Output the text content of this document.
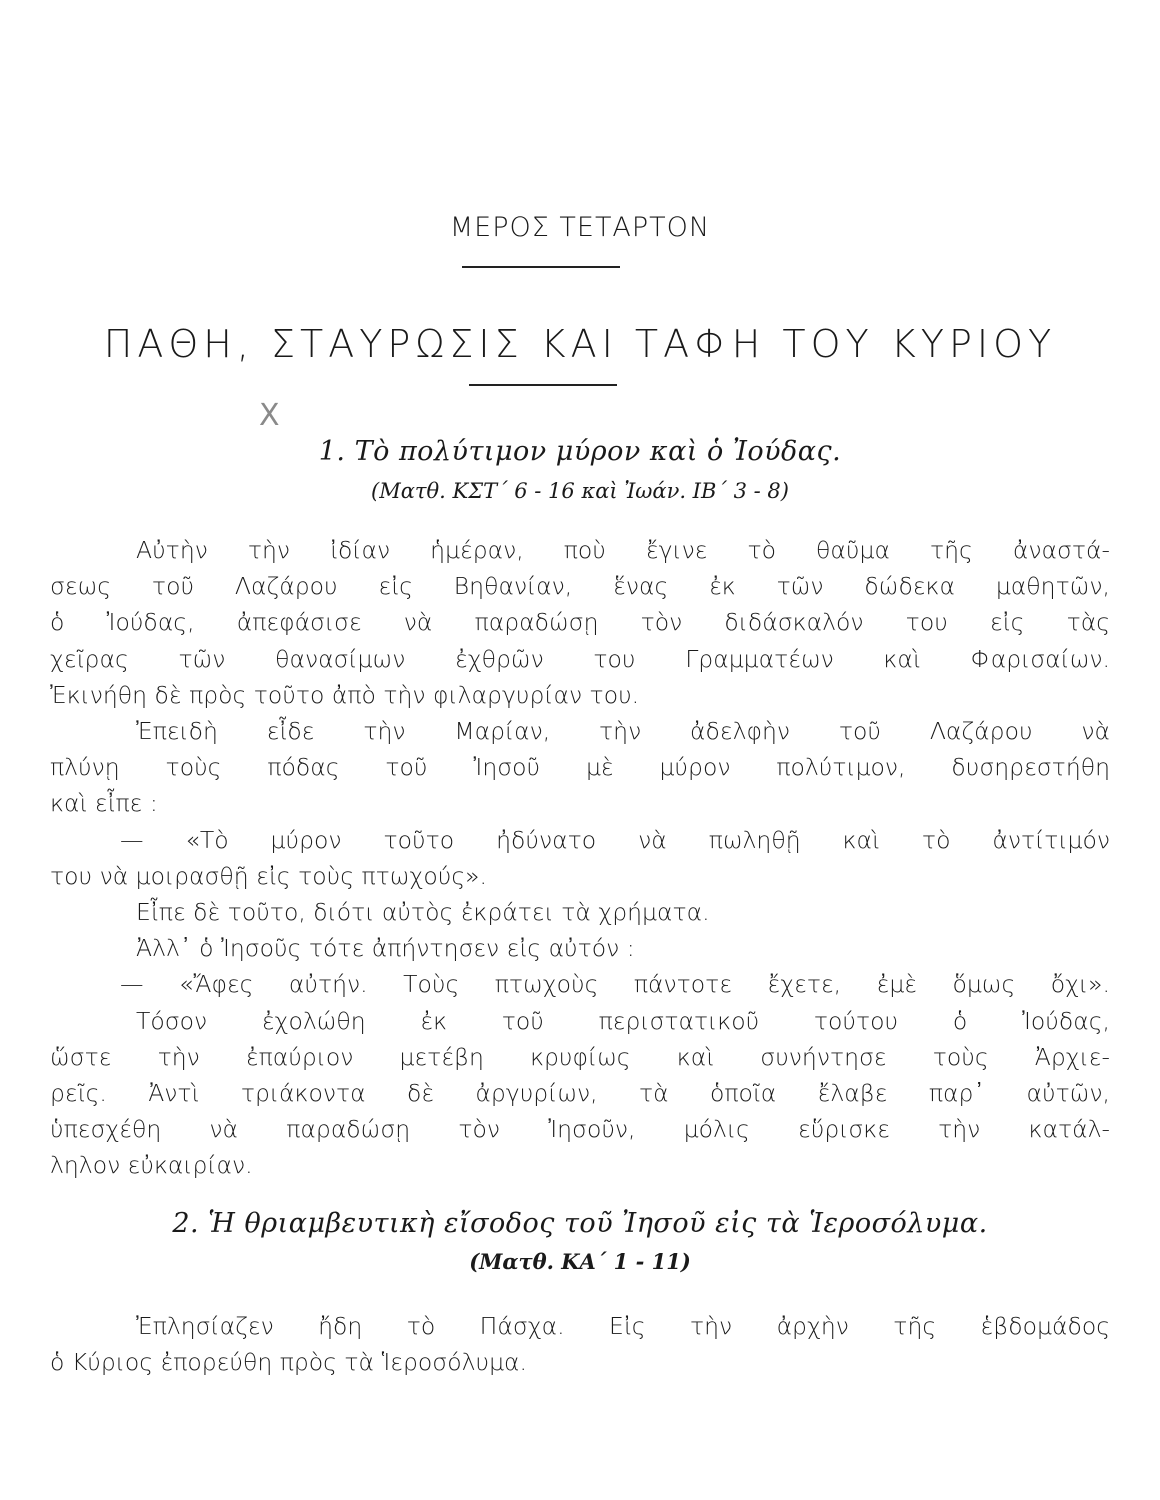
ΜΕΡΟΣ ΤΕΤΑΡΤΟΝ
ΠΑΘΗ, ΣΤΑΥΡΩΣΙΣ ΚΑΙ ΤΑΦΗ ΤΟΥ ΚΥΡΙΟΥ
X
1. Τὸ πολύτιμον μύρον καὶ ὁ Ἰούδας.
(Ματθ. ΚΣΤ΄ 6 - 16 καὶ Ἰωάν. ΙΒ΄ 3 - 8)

Αὐτὴν τὴν ἰδίαν ἡμέραν, ποὺ ἔγινε τὸ θαῦμα τῆς ἀναστά-

σεως τοῦ Λαζάρου εἰς Βηθανίαν, ἕνας ἐκ τῶν δώδεκα μαθητῶν,

ὁ Ἰούδας, ἀπεφάσισε νὰ παραδώσῃ τὸν διδάσκαλόν του εἰς τὰς

χεῖρας τῶν θανασίμων ἐχθρῶν του Γραμματέων καὶ Φαρισαίων.

Ἐκινήθη δὲ πρὸς τοῦτο ἀπὸ τὴν φιλαργυρίαν του.

Ἐπειδὴ εἶδε τὴν Μαρίαν, τὴν ἀδελφὴν τοῦ Λαζάρου νὰ

πλύνῃ τοὺς πόδας τοῦ Ἰησοῦ μὲ μύρον πολύτιμον, δυσηρεστήθη

καὶ εἶπε :

— «Τὸ μύρον τοῦτο ἠδύνατο νὰ πωληθῇ καὶ τὸ ἀντίτιμόν

του νὰ μοιρασθῇ εἰς τοὺς πτωχούς».

Εἶπε δὲ τοῦτο, διότι αὐτὸς ἐκράτει τὰ χρήματα.

Ἀλλ᾽ ὁ Ἰησοῦς τότε ἀπήντησεν εἰς αὐτόν :

— «Ἄφες αὐτήν. Τοὺς πτωχοὺς πάντοτε ἔχετε, ἐμὲ ὅμως ὄχι».

Τόσον ἐχολώθη ἐκ τοῦ περιστατικοῦ τούτου ὁ Ἰούδας,

ὥστε τὴν ἐπαύριον μετέβη κρυφίως καὶ συνήντησε τοὺς Ἀρχιε-

ρεῖς. Ἀντὶ τριάκοντα δὲ ἀργυρίων, τὰ ὁποῖα ἔλαβε παρ᾽ αὐτῶν,

ὑπεσχέθη νὰ παραδώσῃ τὸν Ἰησοῦν, μόλις εὕρισκε τὴν κατάλ-

ληλον εὐκαιρίαν.

2. Ἡ θριαμβευτικὴ εἴσοδος τοῦ Ἰησοῦ εἰς τὰ Ἱεροσόλυμα.
(Ματθ. ΚΑ΄ 1 - 11)

Ἐπλησίαζεν ἤδη τὸ Πάσχα. Εἰς τὴν ἀρχὴν τῆς ἑβδομάδος

ὁ Κύριος ἐπορεύθη πρὸς τὰ Ἱεροσόλυμα.
